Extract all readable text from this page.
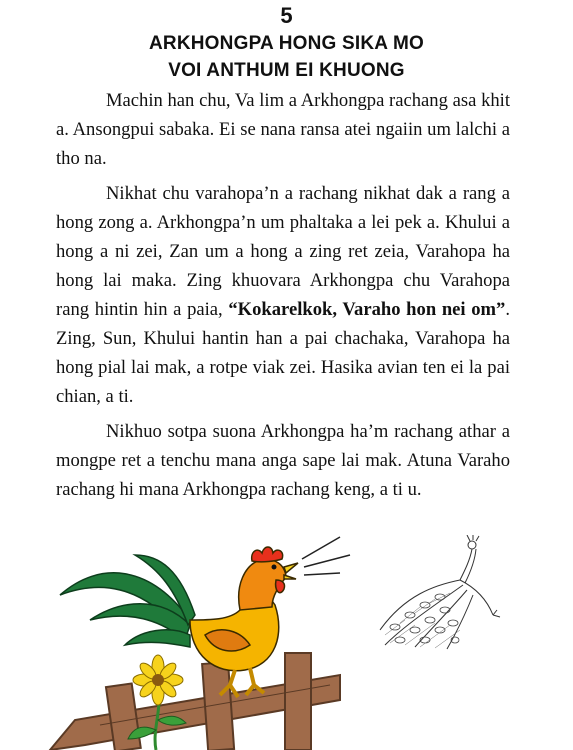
5
ARKHONGPA HONG SIKA MO
VOI ANTHUM EI KHUONG

Machin han chu, Va lim a Arkhongpa rachang asa khit a. Ansongpui sabaka. Ei se nana ransa atei ngaiin um lalchi a tho na.

Nikhat chu varahopa’n a rachang nikhat dak a rang a hong zong a. Arkhongpa’n um phaltaka a lei pek a. Khului a hong a ni zei, Zan um a hong a zing ret zeia, Varahopa ha hong lai maka. Zing khuovara Arkhongpa chu Varahopa rang hintin hin a paia, “Kokarelkok, Varaho hon nei om”. Zing, Sun, Khului hantin han a pai chachaka, Varahopa ha hong pial lai mak, a rotpe viak zei. Hasika avian ten ei la pai chian, a ti.

Nikhuo sotpa suona Arkhongpa ha’m rachang athar a mongpe ret a tenchu mana anga sape lai mak. Atuna Varaho rachang hi mana Arkhongpa rachang keng, a ti u.
